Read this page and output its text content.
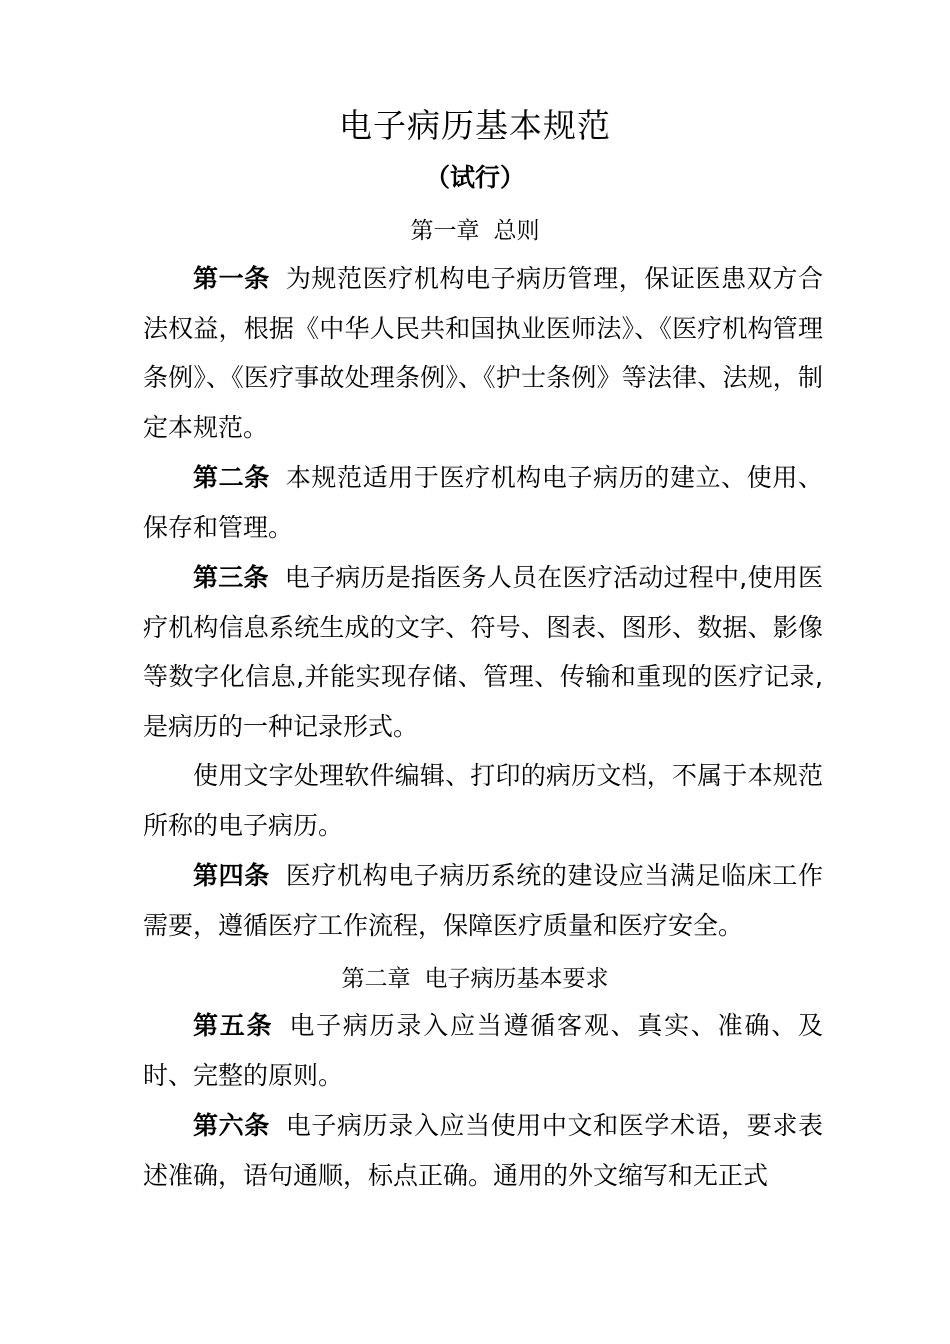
电子病历基本规范
（试行）
第一章 总则
第一条 为规范医疗机构电子病历管理，保证医患双方合法权益，根据《中华人民共和国执业医师法》、《医疗机构管理条例》、《医疗事故处理条例》、《护士条例》等法律、法规，制定本规范。
第二条 本规范适用于医疗机构电子病历的建立、使用、保存和管理。
第三条 电子病历是指医务人员在医疗活动过程中,使用医疗机构信息系统生成的文字、符号、图表、图形、数据、影像等数字化信息,并能实现存储、管理、传输和重现的医疗记录,是病历的一种记录形式。
使用文字处理软件编辑、打印的病历文档，不属于本规范所称的电子病历。
第四条 医疗机构电子病历系统的建设应当满足临床工作需要，遵循医疗工作流程，保障医疗质量和医疗安全。
第二章 电子病历基本要求
第五条 电子病历录入应当遵循客观、真实、准确、及时、完整的原则。
第六条 电子病历录入应当使用中文和医学术语，要求表述准确，语句通顺，标点正确。通用的外文缩写和无正式
